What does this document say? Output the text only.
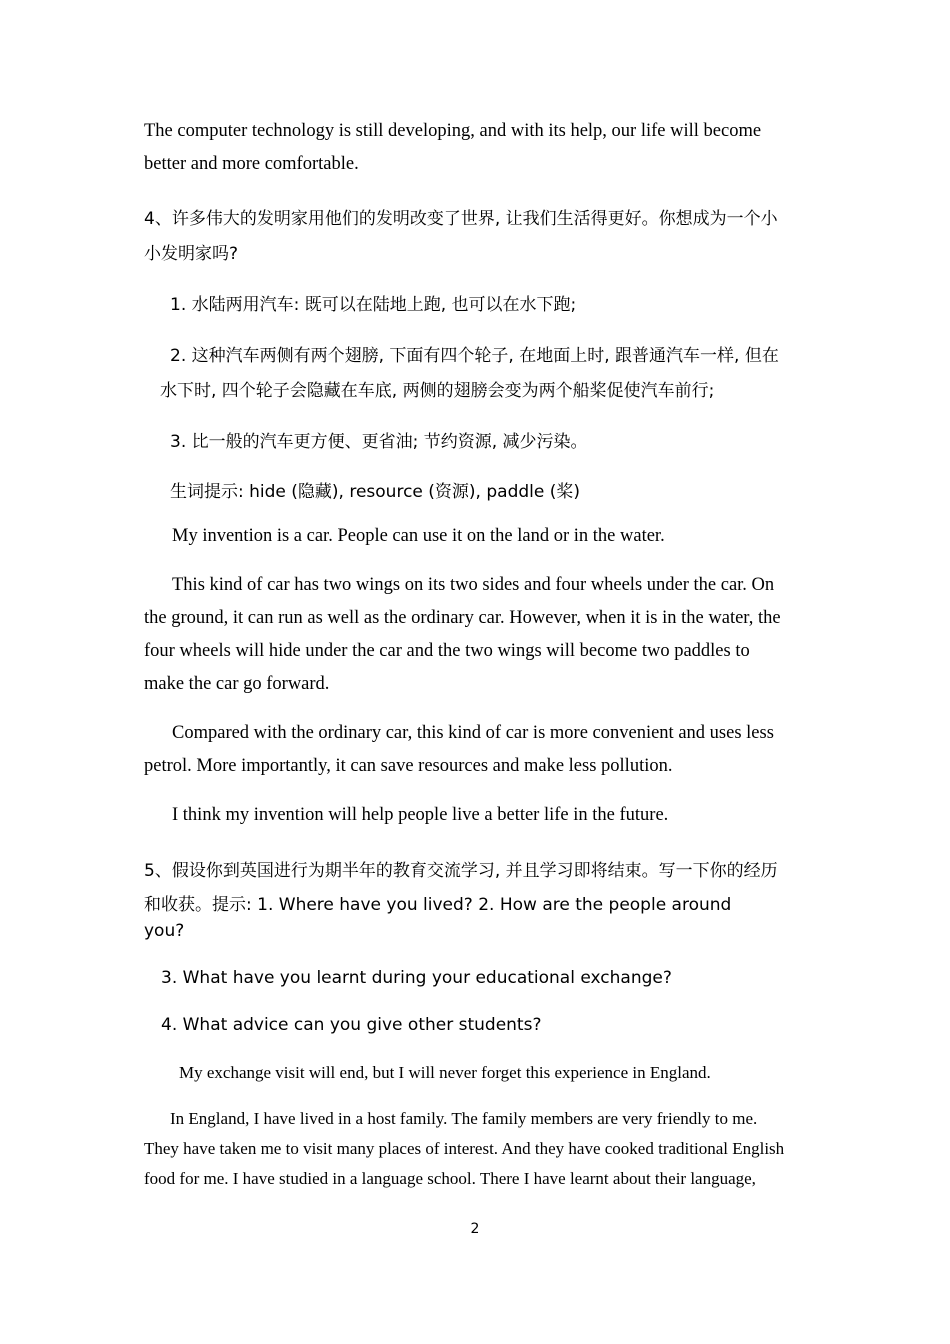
The computer technology is still developing, and with its help, our life will become

better and more comfortable.

4、许多伟大的发明家用他们的发明改变了世界, 让我们生活得更好。你想成为一个小

小发明家吗?

1. 水陆两用汽车: 既可以在陆地上跑, 也可以在水下跑;

2. 这种汽车两侧有两个翅膀, 下面有四个轮子, 在地面上时, 跟普通汽车一样, 但在

水下时, 四个轮子会隐藏在车底, 两侧的翅膀会变为两个船桨促使汽车前行;

3. 比一般的汽车更方便、更省油; 节约资源, 减少污染。

生词提示: hide (隐藏), resource (资源), paddle (桨)

My invention is a car. People can use it on the land or in the water.

This kind of car has two wings on its two sides and four wheels under the car. On

the ground, it can run as well as the ordinary car. However, when it is in the water, the

four wheels will hide under the car and the two wings will become two paddles to

make the car go forward.

Compared with the ordinary car, this kind of car is more convenient and uses less

petrol. More importantly, it can save resources and make less pollution.

I think my invention will help people live a better life in the future.

5、假设你到英国进行为期半年的教育交流学习, 并且学习即将结束。写一下你的经历

和收获。提示: 1. Where have you lived? 2. How are the people around

you?

3. What have you learnt during your educational exchange?

4. What advice can you give other students?

My exchange visit will end, but I will never forget this experience in England.

In England, I have lived in a host family. The family members are very friendly to me.

They have taken me to visit many places of interest. And they have cooked traditional English

food for me. I have studied in a language school. There I have learnt about their language,

2
